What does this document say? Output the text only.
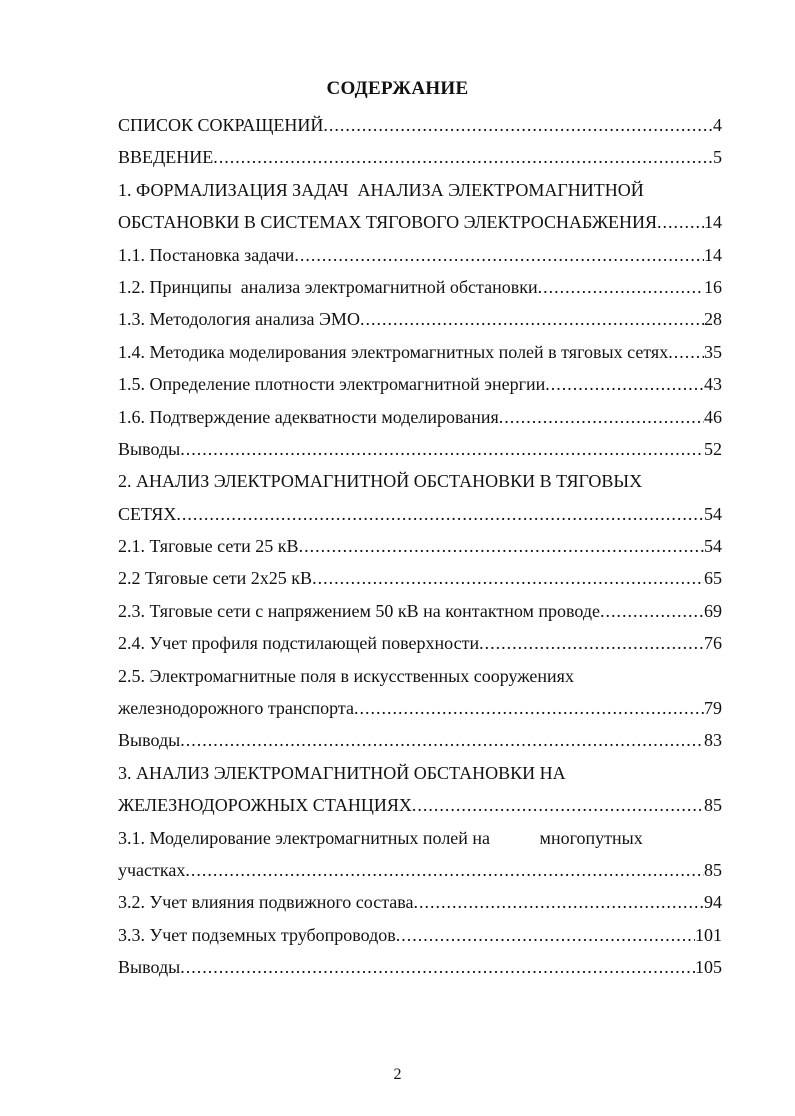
СОДЕРЖАНИЕ
СПИСОК СОКРАЩЕНИЙ .....	4
ВВЕДЕНИЕ .....	5
1. ФОРМАЛИЗАЦИЯ ЗАДАЧ  АНАЛИЗА ЭЛЕКТРОМАГНИТНОЙ
ОБСТАНОВКИ В СИСТЕМАХ ТЯГОВОГО ЭЛЕКТРОСНАБЖЕНИЯ .....	14
1.1. Постановка задачи .....	14
1.2. Принципы  анализа электромагнитной обстановки .....	16
1.3. Методология анализа ЭМО .....	28
1.4. Методика моделирования электромагнитных полей в тяговых сетях ..... 35
1.5. Определение плотности электромагнитной энергии .....	43
1.6. Подтверждение адекватности моделирования .....	46
Выводы .....	52
2. АНАЛИЗ ЭЛЕКТРОМАГНИТНОЙ ОБСТАНОВКИ В ТЯГОВЫХ
СЕТЯХ .....	54
2.1. Тяговые сети 25 кВ .....	54
2.2 Тяговые сети 2х25 кВ .....	65
2.3. Тяговые сети с напряжением 50 кВ на контактном проводе .....	69
2.4. Учет профиля подстилающей поверхности .....	76
2.5. Электромагнитные поля в искусственных сооружениях
железнодорожного транспорта .....	79
Выводы .....	83
3. АНАЛИЗ ЭЛЕКТРОМАГНИТНОЙ ОБСТАНОВКИ НА
ЖЕЛЕЗНОДОРОЖНЫХ СТАНЦИЯХ .....	85
3.1. Моделирование электромагнитных полей на           многопутных
участках .....	85
3.2. Учет влияния подвижного состава .....	94
3.3. Учет подземных трубопроводов .....	101
Выводы .....	105
2
